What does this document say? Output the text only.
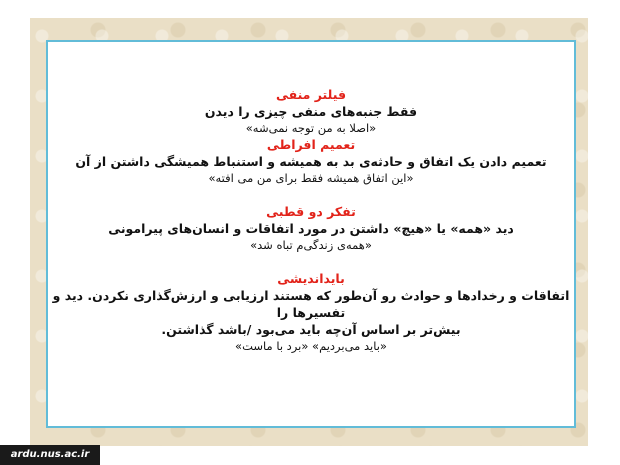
فیلتر منفی
فقط جنبه‌های منفی چیزی را دیدن
«اصلا به من توجه نمی‌شه»
تعمیم افراطی
تعمیم دادن یک اتفاق و حادثه‌ی بد به همیشه و استنباط همیشگی داشتن از آن
«این اتفاق همیشه فقط برای من می افته»
تفکر دو قطبی
دید «همه» یا «هیچ» داشتن در مورد اتفاقات و انسان‌های پیرامونی
«همه‌ی زندگی‌م تباه شد»
بایداندیشی
اتفاقات و رخدادها و حوادث رو آن‌طور که هستند ارزیابی و ارزش‌گذاری نکردن. دید و تفسیرها را
بیش‌تر بر اساس آن‌چه باید می‌بود /باشد گذاشتن.
«باید می‌بردیم» «برد با ماست»
ardu.nus.ac.ir
